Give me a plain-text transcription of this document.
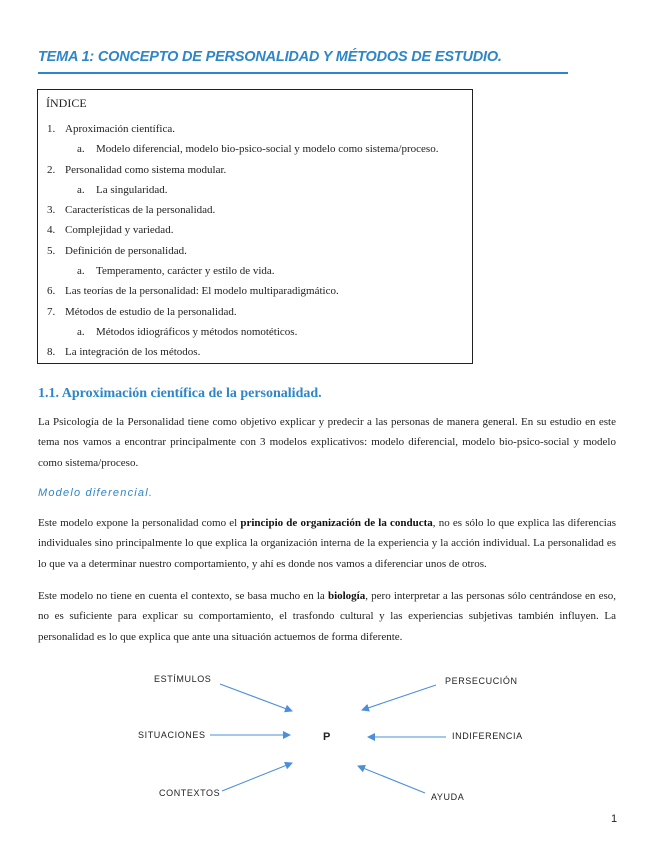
TEMA 1: CONCEPTO DE PERSONALIDAD Y MÉTODOS DE ESTUDIO.
ÍNDICE
1. Aproximación científica.
a. Modelo diferencial, modelo bio-psico-social y modelo como sistema/proceso.
2. Personalidad como sistema modular.
a. La singularidad.
3. Características de la personalidad.
4. Complejidad y variedad.
5. Definición de personalidad.
a. Temperamento, carácter y estilo de vida.
6. Las teorías de la personalidad: El modelo multiparadigmático.
7. Métodos de estudio de la personalidad.
a. Métodos idiográficos y métodos nomotéticos.
8. La integración de los métodos.
1.1. Aproximación científica de la personalidad.

La Psicología de la Personalidad tiene como objetivo explicar y predecir a las personas de manera general. En su estudio en este tema nos vamos a encontrar principalmente con 3 modelos explicativos: modelo diferencial, modelo bio-psico-social y modelo como sistema/proceso.

Modelo diferencial.

Este modelo expone la personalidad como el principio de organización de la conducta, no es sólo lo que explica las diferencias individuales sino principalmente lo que explica la organización interna de la experiencia y la acción individual. La personalidad es lo que va a determinar nuestro comportamiento, y ahí es donde nos vamos a diferenciar unos de otros.

Este modelo no tiene en cuenta el contexto, se basa mucho en la biología, pero interpretar a las personas sólo centrándose en eso, no es suficiente para explicar su comportamiento, el trasfondo cultural y las experiencias subjetivas también influyen. La personalidad es lo que explica que ante una situación actuemos de forma diferente.

ESTÍMULOS
SITUACIONES
CONTEXTOS
PERSECUCIÓN
INDIFERENCIA
AYUDA
P
1
